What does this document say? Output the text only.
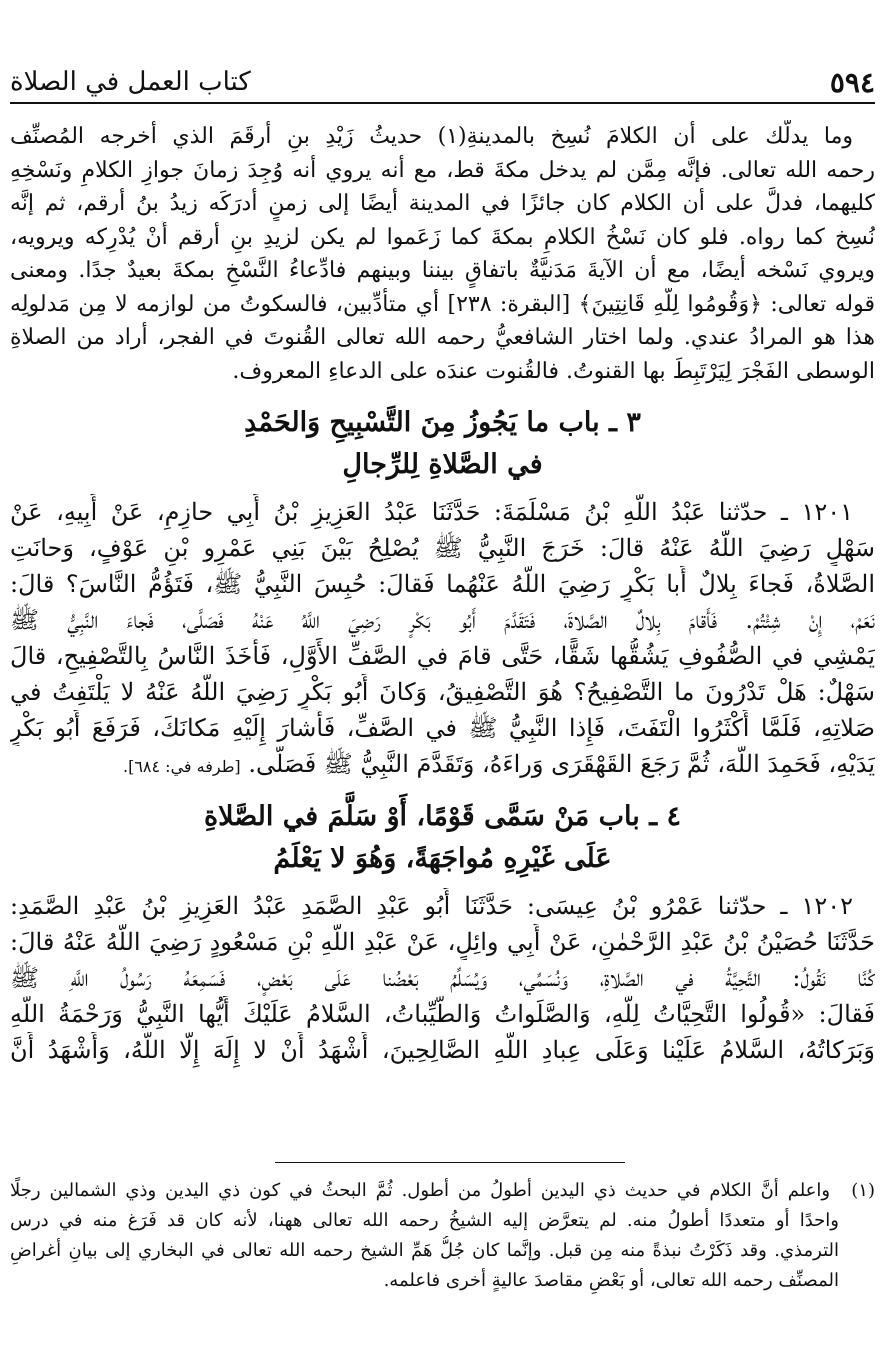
٥٩٤
كتاب العمل في الصلاة
وما يدلُّك على أن الكلامَ نُسِخ بالمدينةِ(١) حديثُ زَيْدِ بنِ أرقَمَ الذي أخرجه المُصنِّف
رحمه الله تعالى. فإنَّه مِمَّن لم يدخل مكةَ قط، مع أنه يروي أنه وُجِدَ زمانَ جوازِ الكلامِ ونَسْخِهِ
كليهما، فدلَّ على أن الكلام كان جائزًا في المدينة أيضًا إلى زمنٍ أدرَكَه زيدُ بنُ أرقم، ثم إنَّه
نُسِخ كما رواه. فلو كان نَسْخُ الكلامِ بمكةَ كما زَعَموا لم يكن لزيدِ بنِ أرقم أَنْ يُدْرِكه ويرويه،
ويروي نَسْخه أيضًا، مع أن الآيةَ مَدَنيَّةٌ باتفاقٍ بيننا وبينهم فادِّعاءُ النَّسْخِ بمكةَ بعيدٌ جدًا. ومعنى
قوله تعالى: ﴿وَقُومُوا لِلَّهِ قَانِتِينَ﴾ [البقرة: ٢٣٨] أي متأدِّبين، فالسكوتُ من لوازمه لا مِن مَدلولِه
هذا هو المرادُ عندي. ولما اختار الشافعيُّ رحمه الله تعالى القُنوتَ في الفجر، أراد من الصلاةِ
الوسطى الفَجْرَ لِيَرْتَبِطَ بها القنوتُ. فالقُنوت عندَه على الدعاءِ المعروف.
٣ ـ باب ما يَجُوزُ مِنَ التَّسْبِيحِ وَالحَمْدِ
في الصَّلاةِ لِلرِّجالِ
١٢٠١ ـ حدّثنا عَبْدُ اللَّهِ بْنُ مَسْلَمَةَ: حَدَّثَنَا عَبْدُ العَزِيزِ بْنُ أَبِي حازِمٍ، عَنْ أَبِيهِ، عَنْ
سَهْلٍ رَضِيَ اللَّهُ عَنْهُ قالَ: خَرَجَ النَّبِيُّ ﷺ يُصْلِحُ بَيْنَ بَنِي عَمْرِو بْنِ عَوْفٍ، وَحانَتِ
الصَّلاةُ، فَجاءَ بِلالٌ أَبا بَكْرٍ رَضِيَ اللَّهُ عَنْهُما فَقالَ: حُبِسَ النَّبِيُّ ﷺ، فَتَؤُمُّ النَّاسَ؟ قالَ:
نَعَمْ، إِنْ شِئْتُمْ. فَأَقامَ بِلالٌ الصَّلاةَ، فَتَقَدَّمَ أَبُو بَكْرٍ رَضِيَ اللَّهُ عَنْهُ فَصَلَّى، فَجاءَ النَّبِيُّ ﷺ
يَمْشِي في الصُّفُوفِ يَشُقُّها شَقًّا، حَتَّى قامَ في الصَّفِّ الأَوَّلِ، فَأَخَذَ النَّاسُ بِالتَّصْفِيحِ، قالَ
سَهْلٌ: هَلْ تَدْرُونَ ما التَّصْفِيحُ؟ هُوَ التَّصْفِيقُ، وَكانَ أَبُو بَكْرٍ رَضِيَ اللَّهُ عَنْهُ لا يَلْتَفِتُ في
صَلاتِهِ، فَلَمَّا أَكْثَرُوا الْتَفَتَ، فَإِذا النَّبِيُّ ﷺ في الصَّفِّ، فَأَشارَ إِلَيْهِ مَكانَكَ، فَرَفَعَ أَبُو بَكْرٍ
يَدَيْهِ، فَحَمِدَ اللَّهَ، ثُمَّ رَجَعَ القَهْقَرَى وَراءَهُ، وَتَقَدَّمَ النَّبِيُّ ﷺ فَصَلَّى. [طرفه في: ٦٨٤].
٤ ـ باب مَنْ سَمَّى قَوْمًا، أَوْ سَلَّمَ في الصَّلاةِ
عَلَى غَيْرِهِ مُواجَهَةً، وَهُوَ لا يَعْلَمُ
١٢٠٢ ـ حدّثنا عَمْرُو بْنُ عِيسَى: حَدَّثَنَا أَبُو عَبْدِ الصَّمَدِ عَبْدُ العَزِيزِ بْنُ عَبْدِ الصَّمَدِ:
حَدَّثَنَا حُصَيْنُ بْنُ عَبْدِ الرَّحْمٰنِ، عَنْ أَبِي وائِلٍ، عَنْ عَبْدِ اللَّهِ بْنِ مَسْعُودٍ رَضِيَ اللَّهُ عَنْهُ قالَ:
كُنَّا نَقُولُ: التَّحِيَّةُ في الصَّلاةِ، وَنُسَمِّي، وَيُسَلِّمُ بَعْضُنا عَلَى بَعْضٍ، فَسَمِعَهُ رَسُولُ اللَّهِ ﷺ
فَقالَ: «قُولُوا التَّحِيَّاتُ لِلَّهِ، وَالصَّلَواتُ وَالطَّيِّباتُ، السَّلامُ عَلَيْكَ أَيُّها النَّبِيُّ وَرَحْمَةُ اللَّهِ
وَبَرَكاتُهُ، السَّلامُ عَلَيْنا وَعَلَى عِبادِ اللَّهِ الصَّالِحِينَ، أَشْهَدُ أَنْ لا إِلَهَ إِلَّا اللَّهُ، وَأَشْهَدُ أَنَّ
(١) واعلم أنَّ الكلام في حديث ذي اليدين أطولُ من أطول. ثُمَّ البحثُ في كون ذي اليدين وذي الشمالين رجلًا
واحدًا أو متعددًا أطولُ منه. لم يتعرَّض إليه الشيخُ رحمه الله تعالى ههنا، لأنه كان قد فَرَغ منه في درس
الترمذي. وقد ذَكَرْتُ نبذةً منه مِن قبل. وإنَّما كان جُلُّ هَمِّ الشيخ رحمه الله تعالى في البخاري إلى بيانِ أغراضِ
المصنِّف رحمه الله تعالى، أو بَعْضِ مقاصدَ عاليةٍ أخرى فاعلمه.
